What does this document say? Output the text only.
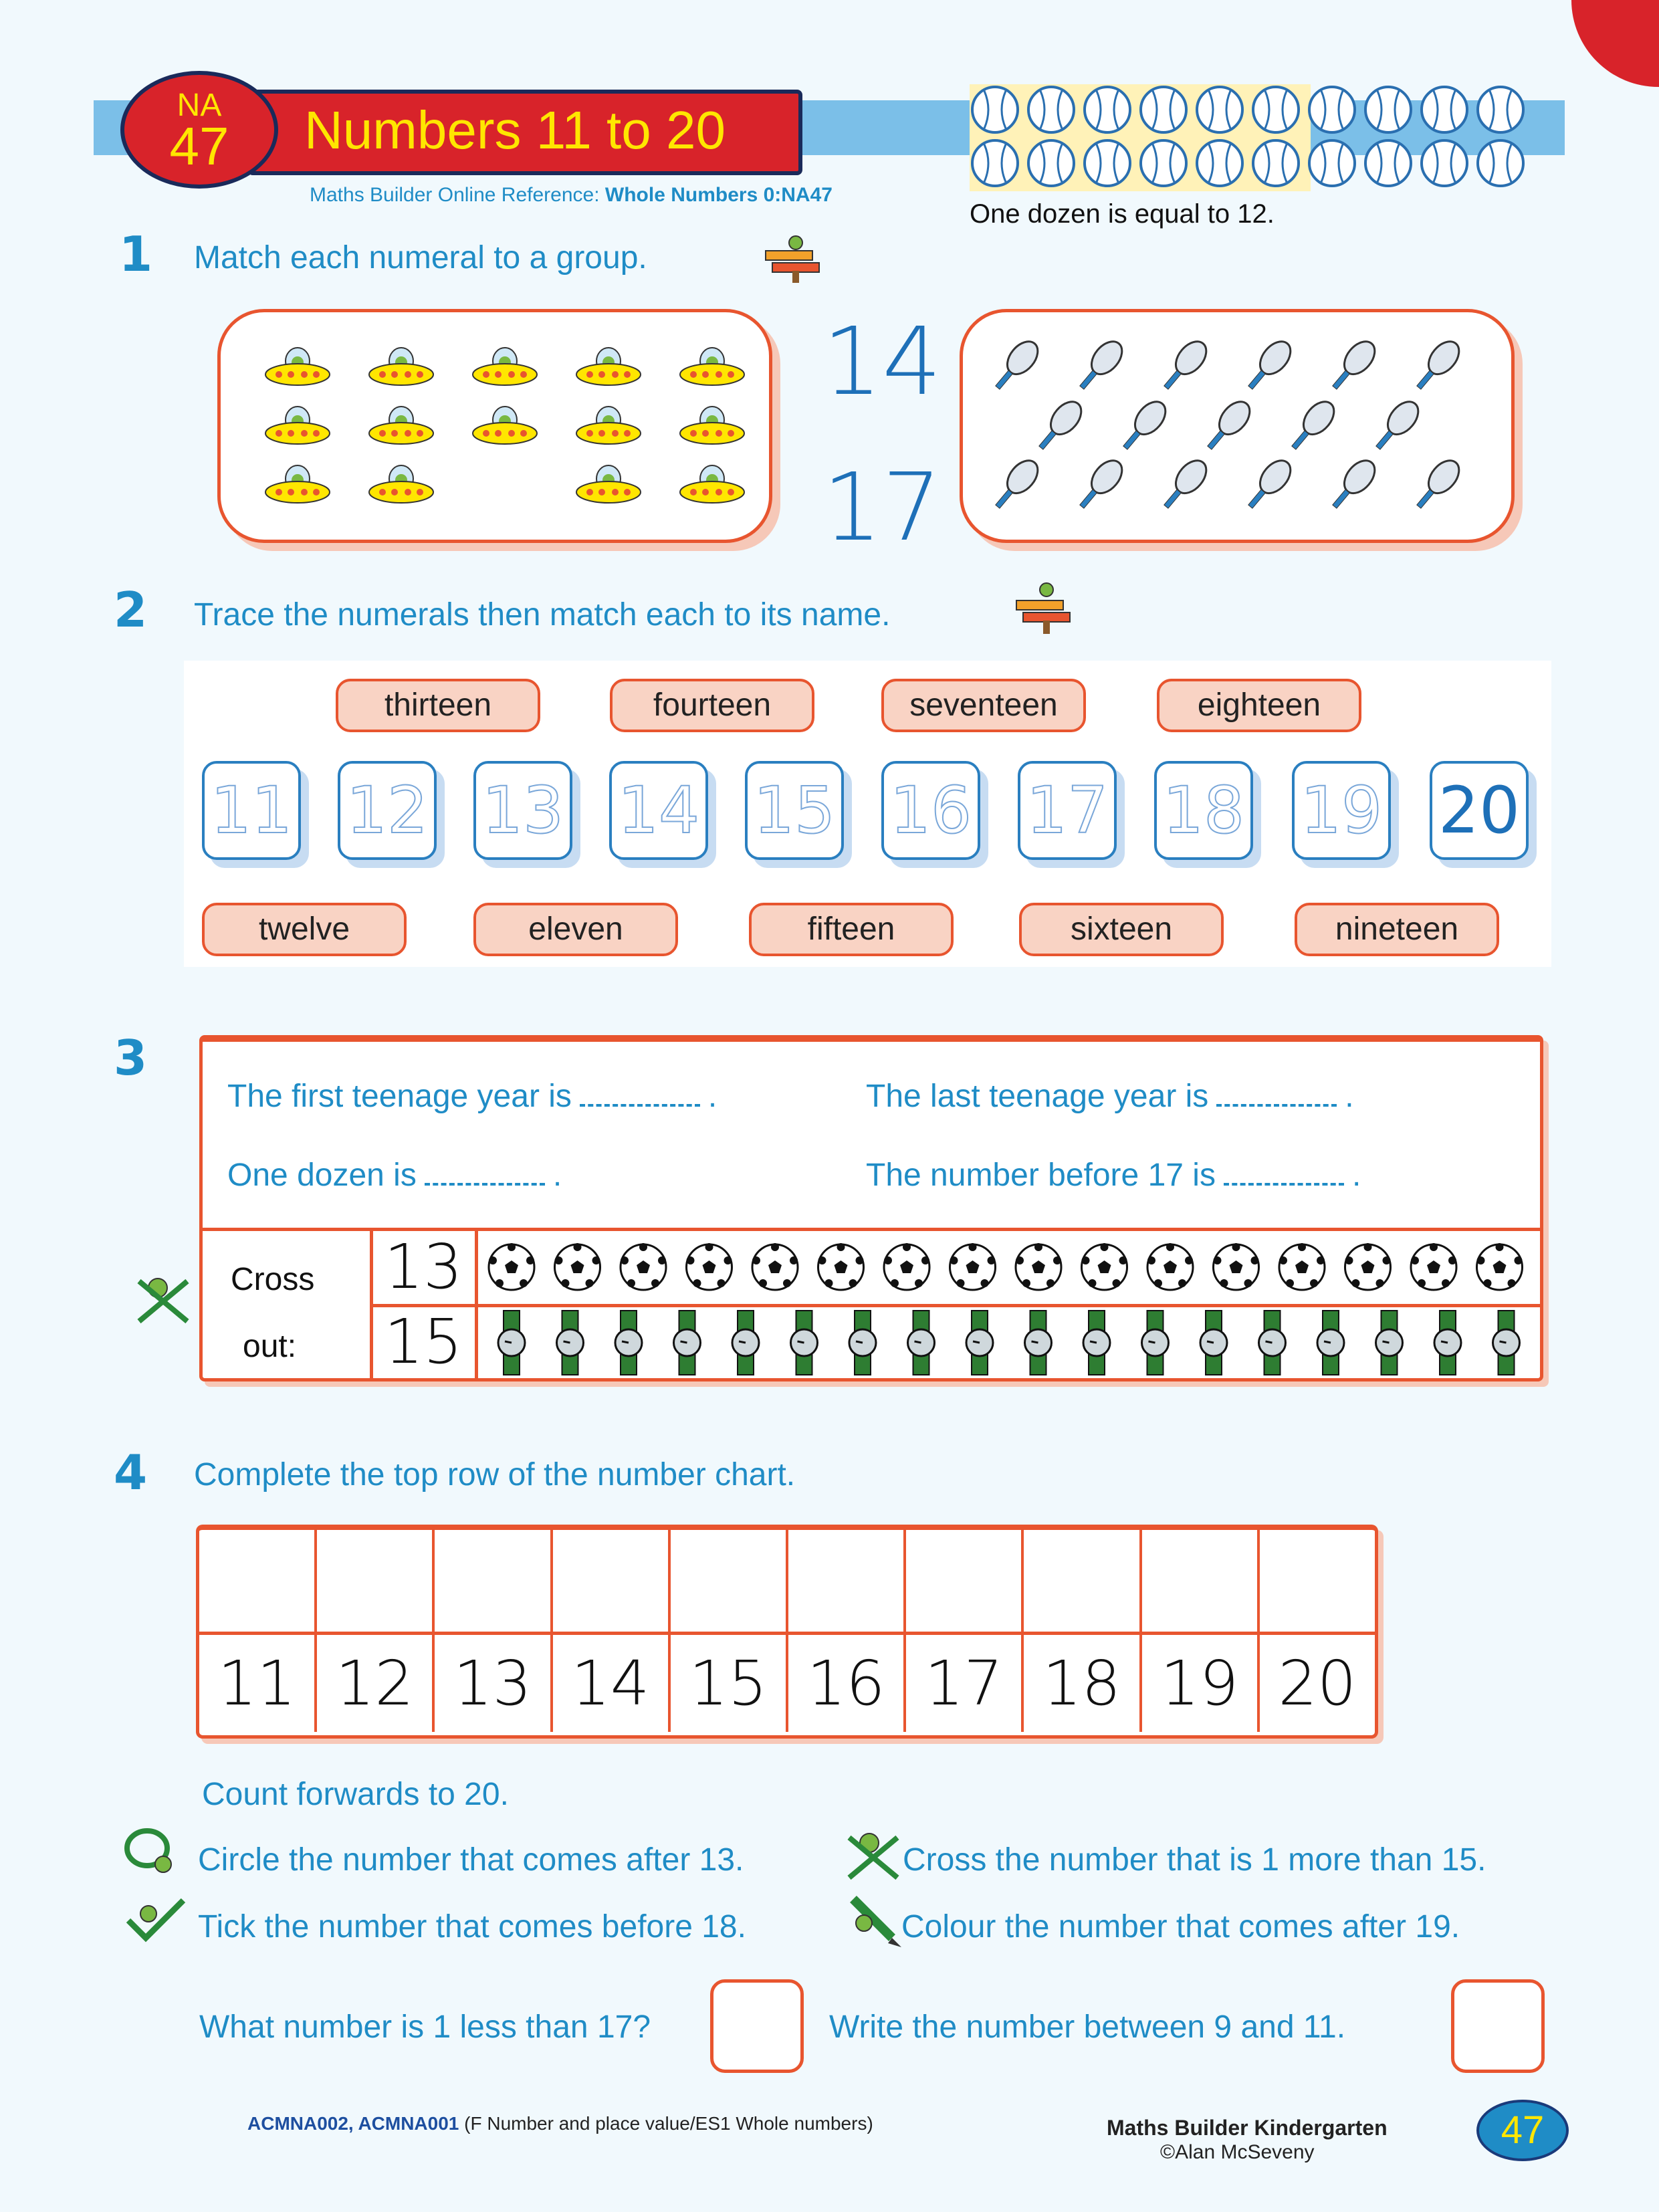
Numbers 11 to 20
NA
47
Maths Builder Online Reference: Whole Numbers 0:NA47
One dozen is equal to 12.
1 Match each numeral to a group.
14
17
2 Trace the numerals then match each to its name.
thirteen	fourteen	seventeen	eighteen
11 12 13 14 15 16 17 18 19 20
twelve	eleven	fifteen	sixteen	nineteen
3
The first teenage year is	.	The last teenage year is	.
One dozen is	.	The number before 17 is	.
Cross
out:
13
15
4 Complete the top row of the number chart.
11 12 13 14 15 16 17 18 19 20
Count forwards to 20.
Circle the number that comes after 13.	Cross the number that is 1 more than 15.
Tick the number that comes before 18.	Colour the number that comes after 19.
What number is 1 less than 17?	Write the number between 9 and 11.
ACMNA002, ACMNA001 (F Number and place value/ES1 Whole numbers)	Maths Builder Kindergarten
©Alan McSeveny
47
